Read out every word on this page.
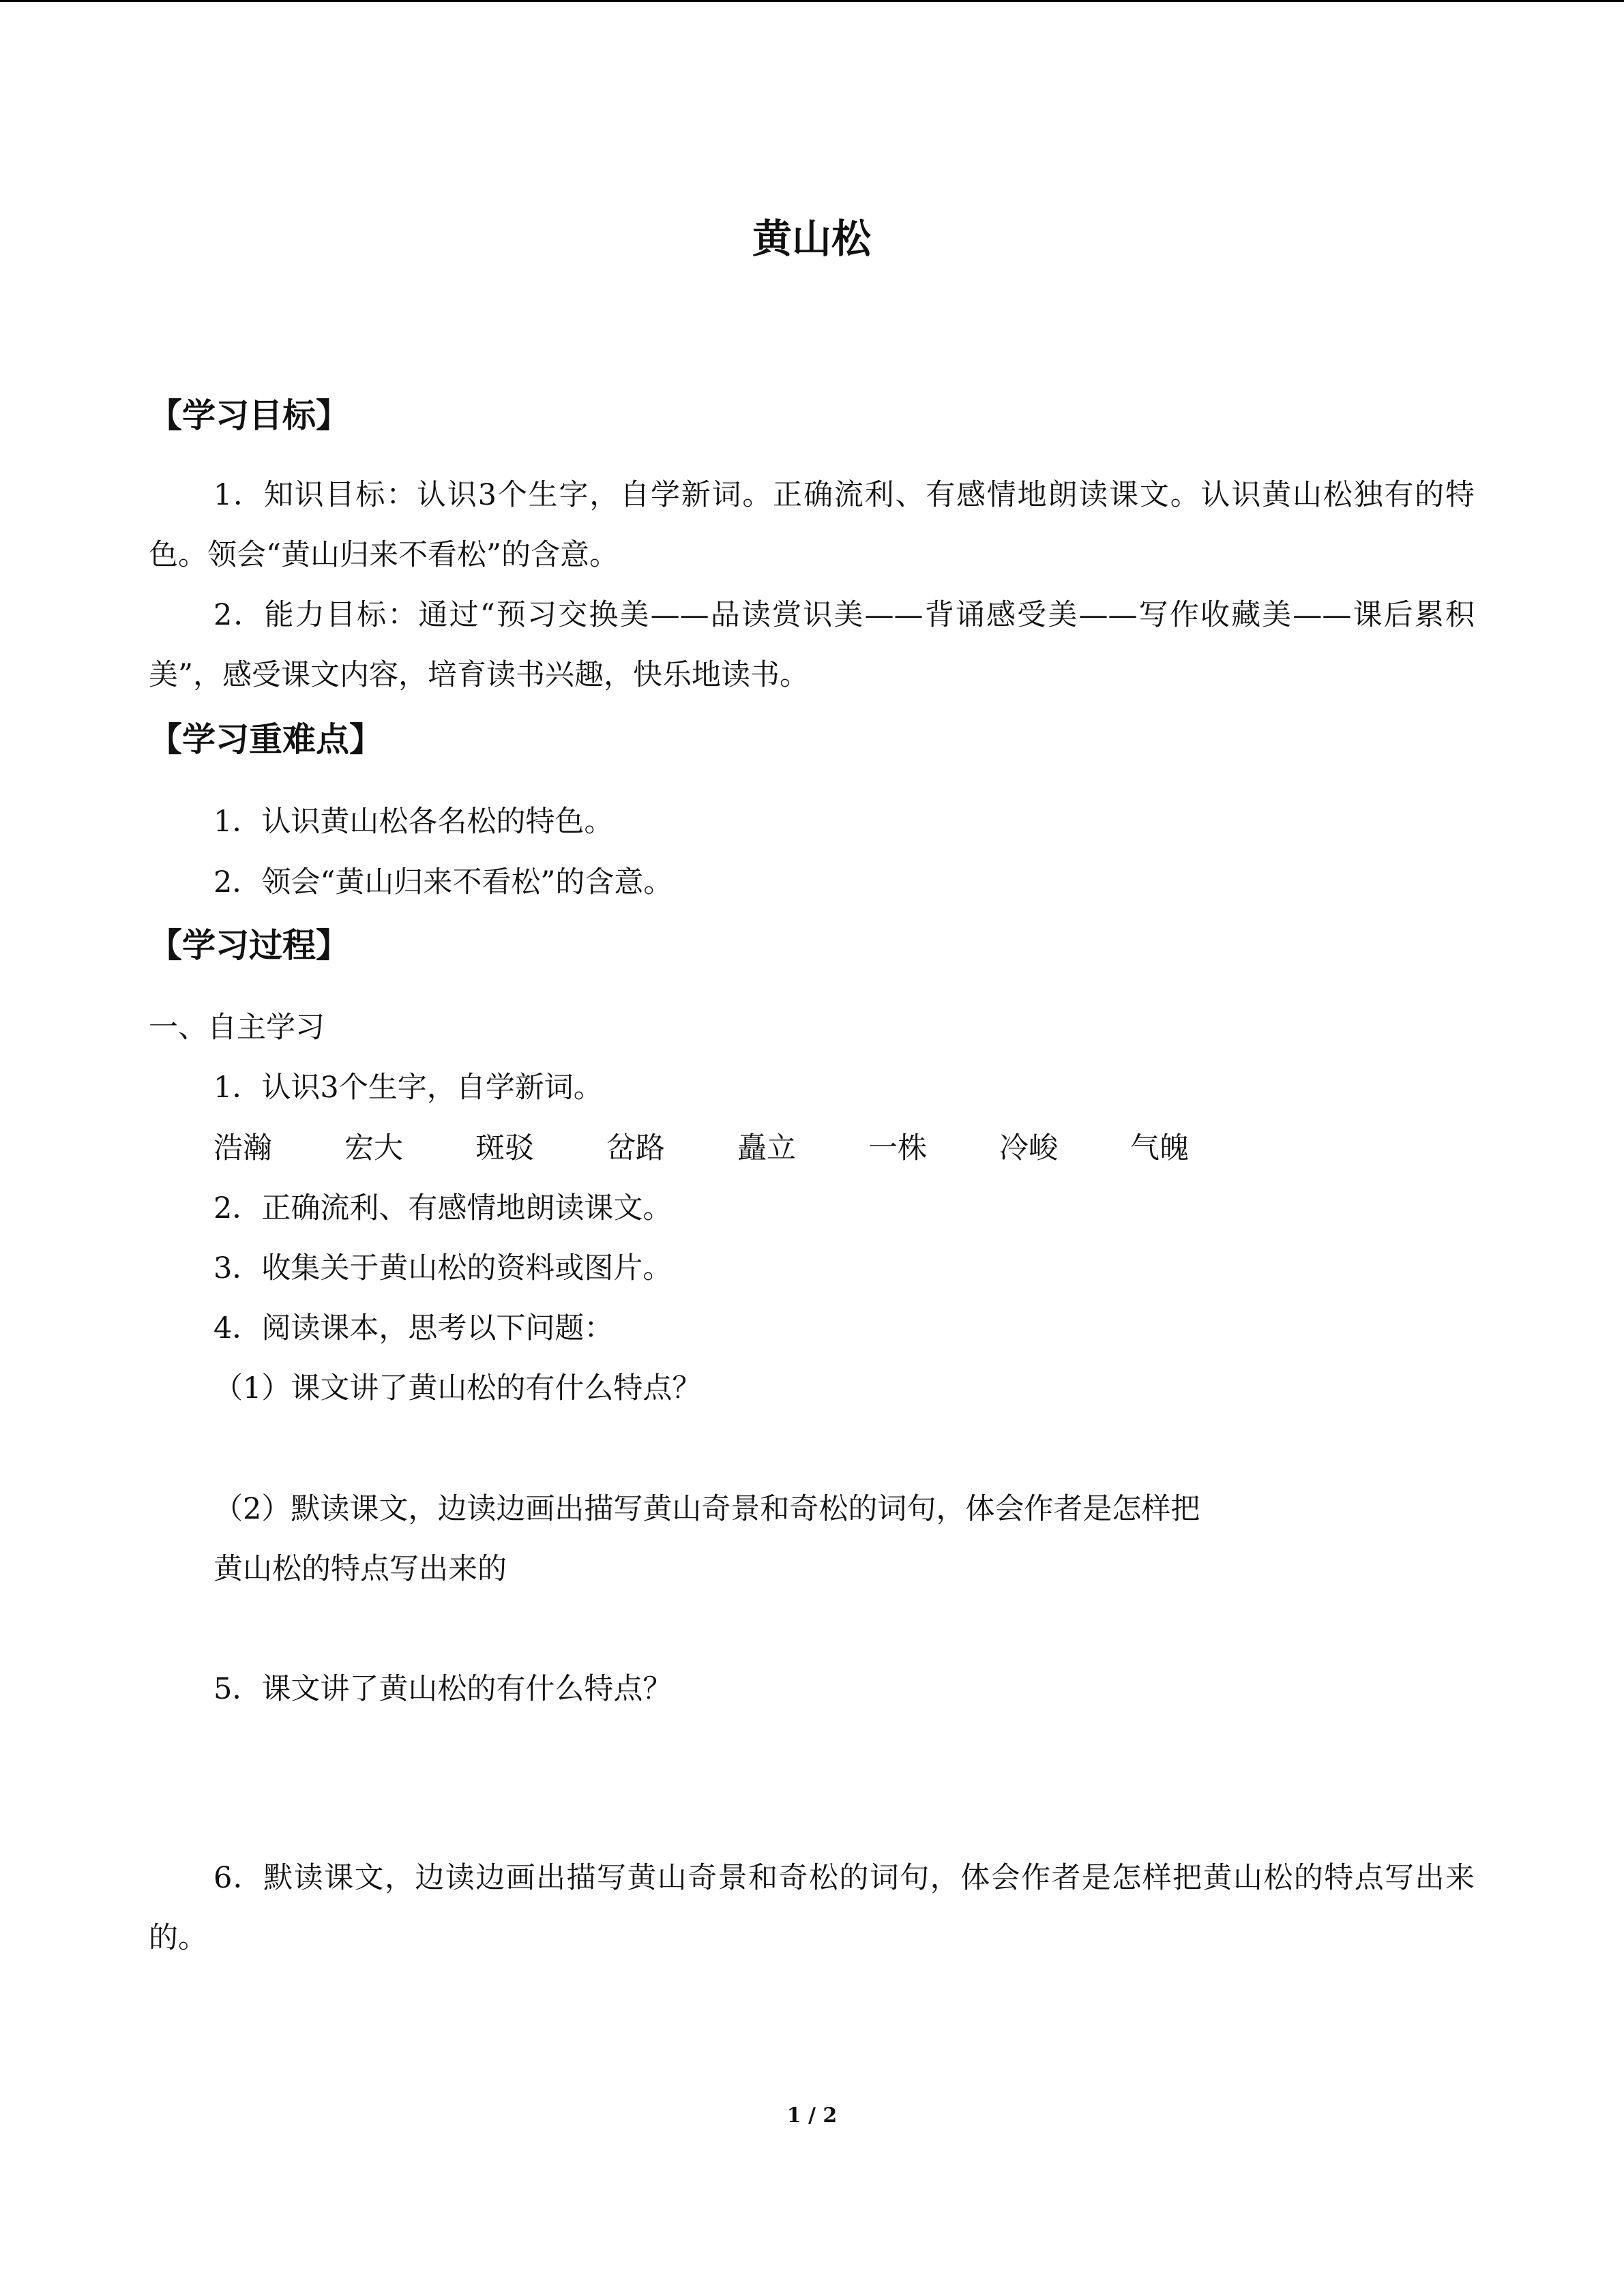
黄山松
【学习目标】
1．知识目标：认识3个生字，自学新词。正确流利、有感情地朗读课文。认识黄山松独有的特色。领会“黄山归来不看松”的含意。
2．能力目标：通过“预习交换美——品读赏识美——背诵感受美——写作收藏美——课后累积美”，感受课文内容，培育读书兴趣，快乐地读书。
【学习重难点】
1．认识黄山松各名松的特色。
2．领会“黄山归来不看松”的含意。
【学习过程】
一、自主学习
1．认识3个生字，自学新词。
浩瀚 宏大 斑驳 岔路 矗立 一株 冷峻 气魄
2．正确流利、有感情地朗读课文。
3．收集关于黄山松的资料或图片。
4．阅读课本，思考以下问题：
（1）课文讲了黄山松的有什么特点？
（2）默读课文，边读边画出描写黄山奇景和奇松的词句，体会作者是怎样把
黄山松的特点写出来的
5．课文讲了黄山松的有什么特点？
6．默读课文，边读边画出描写黄山奇景和奇松的词句，体会作者是怎样把黄山松的特点写出来的。
1 / 2
